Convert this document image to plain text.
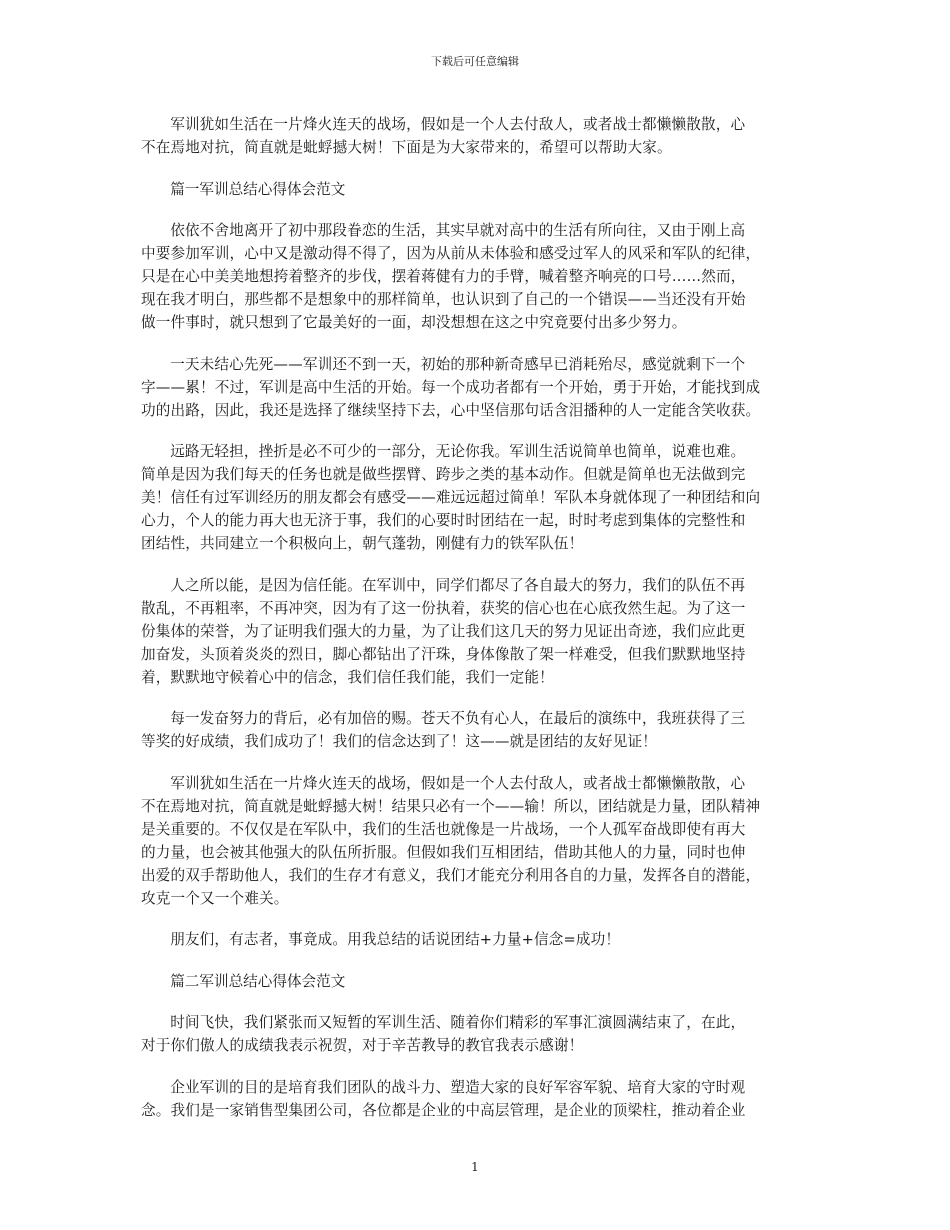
下载后可任意编辑
军训犹如生活在一片烽火连天的战场，假如是一个人去付敌人，或者战士都懒懒散散，心
不在焉地对抗，简直就是蚍蜉撼大树！下面是为大家带来的，希望可以帮助大家。
篇一军训总结心得体会范文
依依不舍地离开了初中那段眷恋的生活，其实早就对高中的生活有所向往，又由于刚上高
中要参加军训，心中又是激动得不得了，因为从前从未体验和感受过军人的风采和军队的纪律，
只是在心中美美地想挎着整齐的步伐，摆着蒋健有力的手臂，喊着整齐响亮的口号……然而，
现在我才明白，那些都不是想象中的那样简单，也认识到了自己的一个错误——当还没有开始
做一件事时，就只想到了它最美好的一面，却没想想在这之中究竟要付出多少努力。
一天未结心先死——军训还不到一天，初始的那种新奇感早已消耗殆尽，感觉就剩下一个
字——累！不过，军训是高中生活的开始。每一个成功者都有一个开始，勇于开始，才能找到成
功的出路，因此，我还是选择了继续坚持下去，心中坚信那句话含泪播种的人一定能含笑收获。
远路无轻担，挫折是必不可少的一部分，无论你我。军训生活说简单也简单，说难也难。
简单是因为我们每天的任务也就是做些摆臂、跨步之类的基本动作。但就是简单也无法做到完
美！信任有过军训经历的朋友都会有感受——难远远超过简单！军队本身就体现了一种团结和向
心力，个人的能力再大也无济于事，我们的心要时时团结在一起，时时考虑到集体的完整性和
团结性，共同建立一个积极向上，朝气蓬勃，刚健有力的铁军队伍！
人之所以能，是因为信任能。在军训中，同学们都尽了各自最大的努力，我们的队伍不再
散乱，不再粗率，不再冲突，因为有了这一份执着，获奖的信心也在心底孜然生起。为了这一
份集体的荣誉，为了证明我们强大的力量，为了让我们这几天的努力见证出奇迹，我们应此更
加奋发，头顶着炎炎的烈日，脚心都钻出了汗珠，身体像散了架一样难受，但我们默默地坚持
着，默默地守候着心中的信念，我们信任我们能，我们一定能！
每一发奋努力的背后，必有加倍的赐。苍天不负有心人，在最后的演练中，我班获得了三
等奖的好成绩，我们成功了！我们的信念达到了！这——就是团结的友好见证！
军训犹如生活在一片烽火连天的战场，假如是一个人去付敌人，或者战士都懒懒散散，心
不在焉地对抗，简直就是蚍蜉撼大树！结果只必有一个——输！所以，团结就是力量，团队精神
是关重要的。不仅仅是在军队中，我们的生活也就像是一片战场，一个人孤军奋战即使有再大
的力量，也会被其他强大的队伍所折服。但假如我们互相团结，借助其他人的力量，同时也伸
出爱的双手帮助他人，我们的生存才有意义，我们才能充分利用各自的力量，发挥各自的潜能，
攻克一个又一个难关。
朋友们，有志者，事竟成。用我总结的话说团结+力量+信念=成功！
篇二军训总结心得体会范文
时间飞快，我们紧张而又短暂的军训生活、随着你们精彩的军事汇演圆满结束了，在此，
对于你们傲人的成绩我表示祝贺，对于辛苦教导的教官我表示感谢！
企业军训的目的是培育我们团队的战斗力、塑造大家的良好军容军貌、培育大家的守时观
念。我们是一家销售型集团公司，各位都是企业的中高层管理，是企业的顶梁柱，推动着企业
1
